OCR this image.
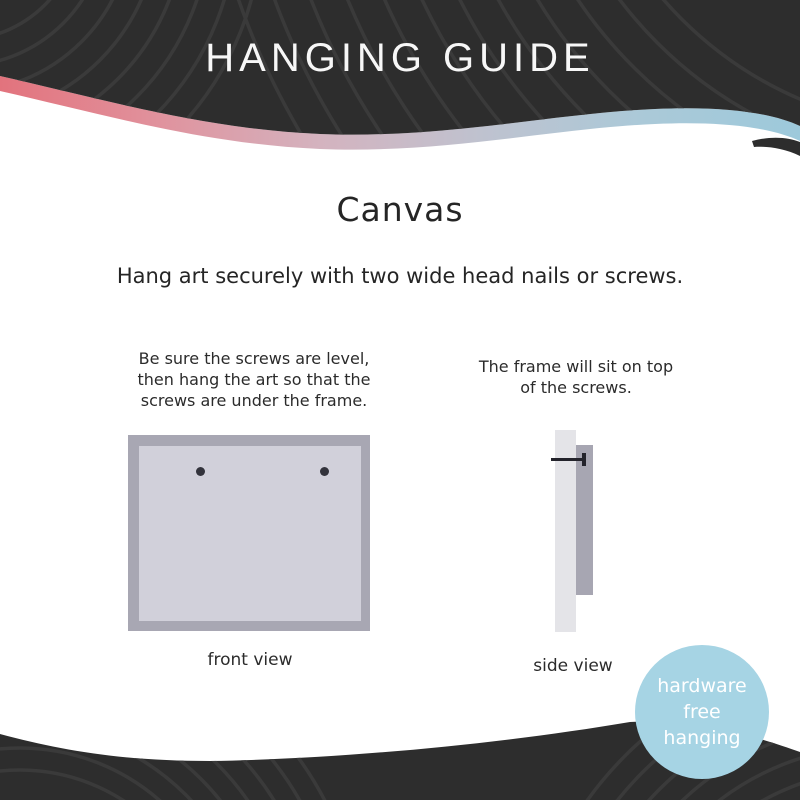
HANGING GUIDE
Canvas
Hang art securely with two wide head nails or screws.
Be sure the screws are level,
then hang the art so that the
screws are under the frame.
The frame will sit on top
of the screws.
front view	side view
hardware
free
hanging
